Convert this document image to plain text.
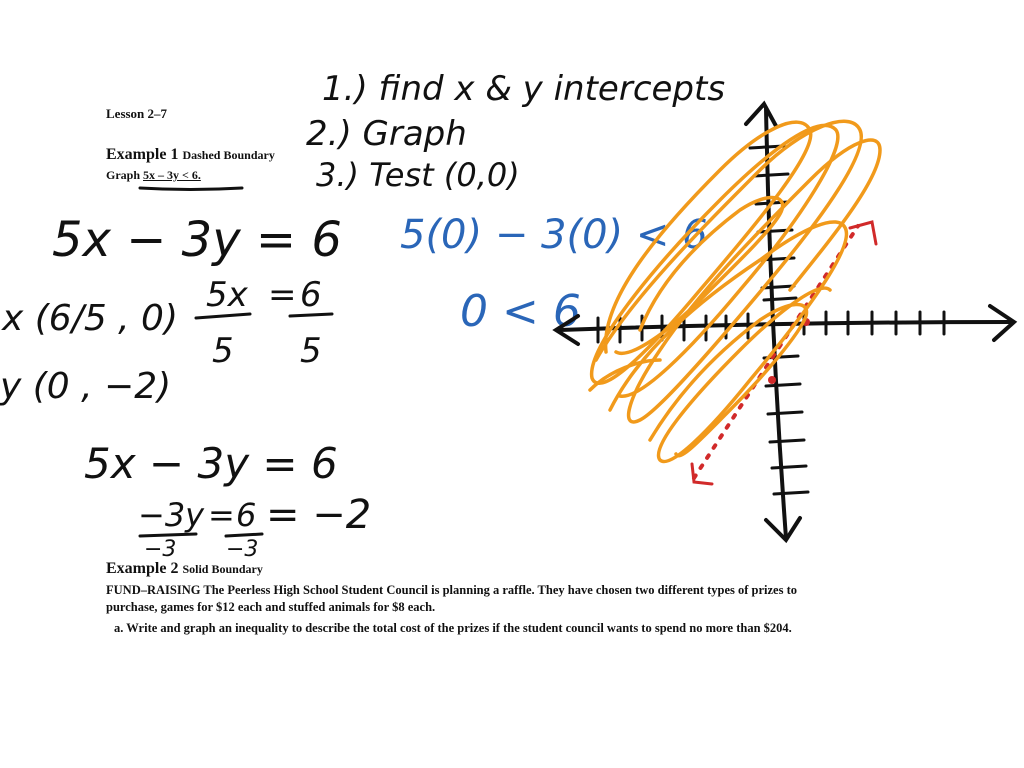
Lesson 2–7
Example 1 Dashed Boundary
Graph 5x – 3y < 6.
Example 2 Solid Boundary
FUND–RAISING The Peerless High School Student Council is planning a raffle. They have chosen two different types of prizes to purchase, games for $12 each and stuffed animals for $8 each.
a. Write and graph an inequality to describe the total cost of the prizes if the student council wants to spend no more than $204.
1.) find x & y intercepts
2.) Graph
3.) Test (0,0)
5x − 3y = 6
x (6/5 , 0)
5x = 6
5 5
y (0 , −2)
5x − 3y = 6
−3y = 6 = −2
−3 −3
5(0) − 3(0) < 6
0 < 6
